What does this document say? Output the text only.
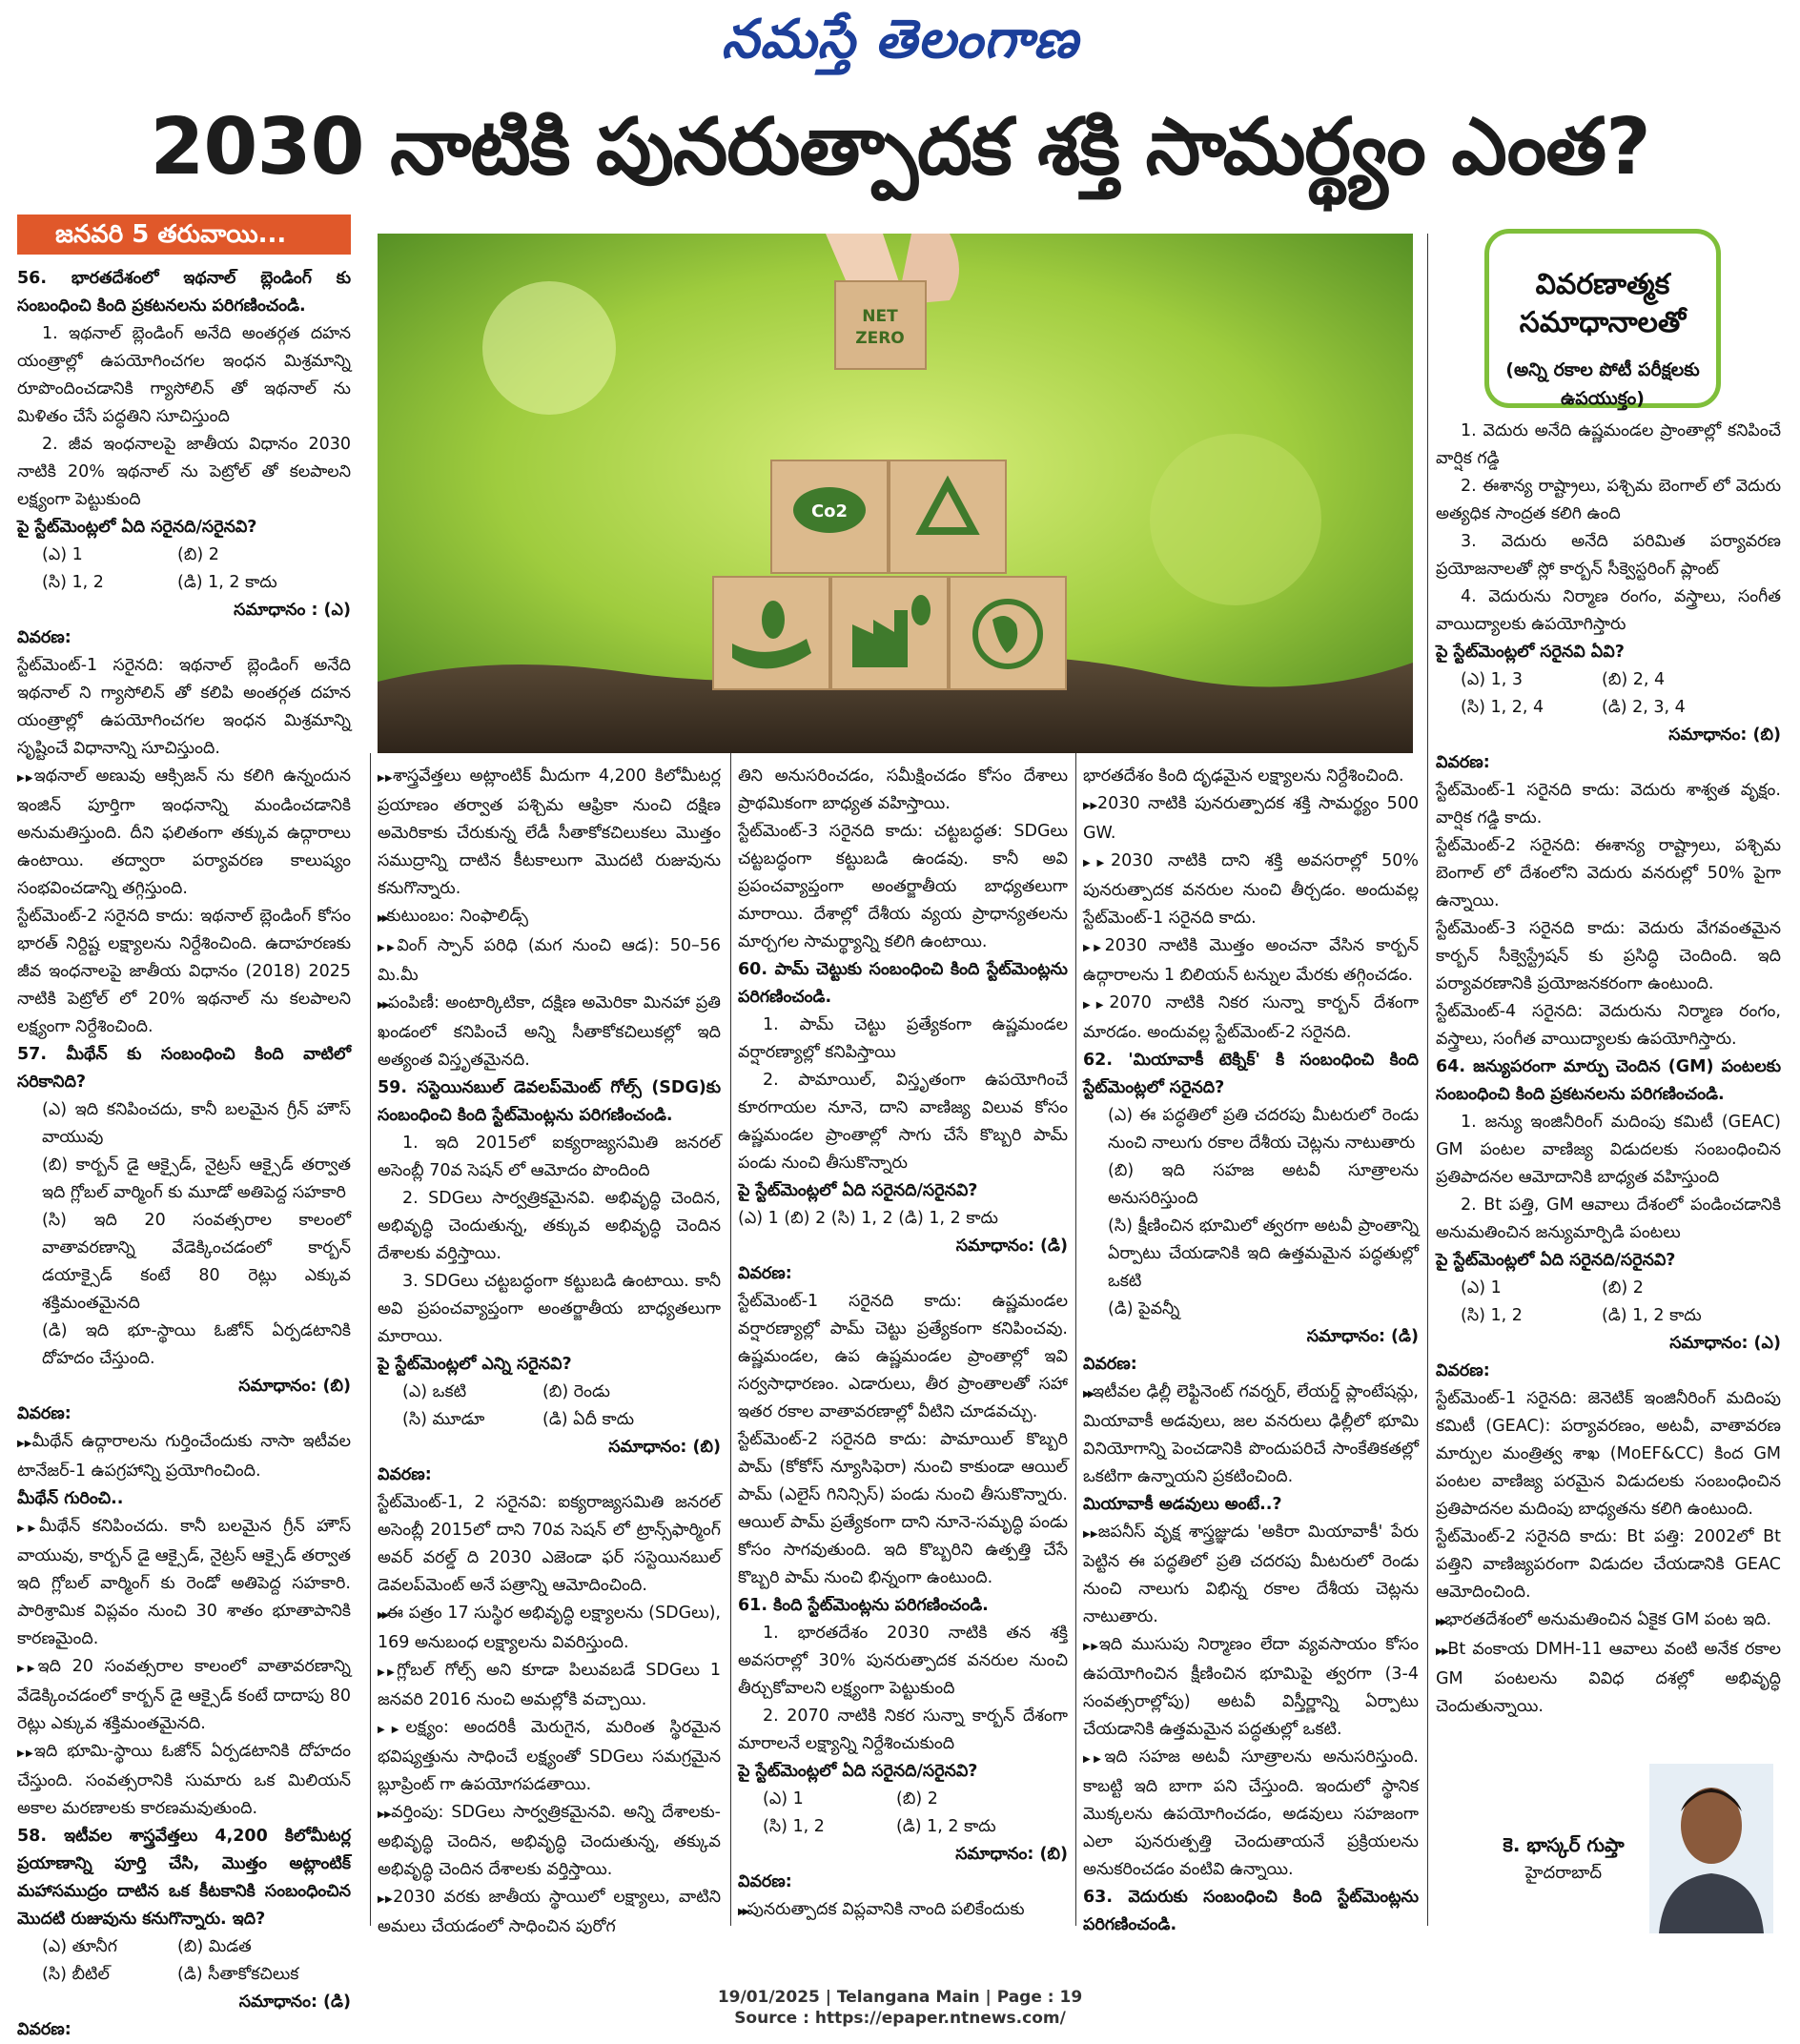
నమస్తే తెలంగాణ
2030 నాటికి పునరుత్పాదక శక్తి సామర్థ్యం ఎంత?
జనవరి 5 తరువాయి...
NET
ZERO
Co2
వివరణాత్మక సమాధానాలతో
(అన్ని రకాల పోటీ పరీక్షలకు ఉపయుక్తం)

56. భారతదేశంలో ఇథనాల్ బ్లెండింగ్ కు సంబంధించి కింది ప్రకటనలను పరిగణించండి.

1. ఇథనాల్ బ్లెండింగ్ అనేది అంతర్గత దహన యంత్రాల్లో ఉపయోగించగల ఇంధన మిశ్రమాన్ని రూపొందించడానికి గ్యాసోలిన్ తో ఇథనాల్ ను మిళితం చేసే పద్ధతిని సూచిస్తుంది

2. జీవ ఇంధనాలపై జాతీయ విధానం 2030 నాటికి 20% ఇథనాల్ ను పెట్రోల్ తో కలపాలని లక్ష్యంగా పెట్టుకుంది

పై స్టేట్‌మెంట్లలో ఏది సరైనది/సరైనవి?

(ఎ) 1	(బి) 2

(సి) 1, 2	(డి) 1, 2 కాదు

సమాధానం : (ఎ)

వివరణ:

స్టేట్‌మెంట్-1 సరైనది: ఇథనాల్ బ్లెండింగ్ అనేది ఇథనాల్ ని గ్యాసోలిన్ తో కలిపి అంతర్గత దహన యంత్రాల్లో ఉపయోగించగల ఇంధన మిశ్రమాన్ని సృష్టించే విధానాన్ని సూచిస్తుంది.

▶▶ ఇథనాల్ అణువు ఆక్సిజన్ ను కలిగి ఉన్నందున ఇంజిన్ పూర్తిగా ఇంధనాన్ని మండించడానికి అనుమతిస్తుంది. దీని ఫలితంగా తక్కువ ఉద్గారాలు ఉంటాయి. తద్వారా పర్యావరణ కాలుష్యం సంభవించడాన్ని తగ్గిస్తుంది.

స్టేట్‌మెంట్-2 సరైనది కాదు: ఇథనాల్ బ్లెండింగ్ కోసం భారత్ నిర్దిష్ట లక్ష్యాలను నిర్దేశించింది. ఉదాహరణకు జీవ ఇంధనాలపై జాతీయ విధానం (2018) 2025 నాటికి పెట్రోల్ లో 20% ఇథనాల్ ను కలపాలని లక్ష్యంగా నిర్దేశించింది.

57. మీథేన్ కు సంబంధించి కింది వాటిలో సరికానిది?

(ఎ) ఇది కనిపించదు, కానీ బలమైన గ్రీన్ హౌస్ వాయువు

(బి) కార్బన్ డై ఆక్సైడ్, నైట్రస్ ఆక్సైడ్ తర్వాత ఇది గ్లోబల్ వార్మింగ్ కు మూడో అతిపెద్ద సహకారి

(సి) ఇది 20 సంవత్సరాల కాలంలో వాతావరణాన్ని వేడెక్కించడంలో కార్బన్ డయాక్సైడ్ కంటే 80 రెట్లు ఎక్కువ శక్తిమంతమైనది

(డి) ఇది భూ-స్థాయి ఓజోన్ ఏర్పడటానికి దోహదం చేస్తుంది.

సమాధానం: (బి)

వివరణ:

▶▶ మీథేన్ ఉద్గారాలను గుర్తించేందుకు నాసా ఇటీవల టానేజర్-1 ఉపగ్రహాన్ని ప్రయోగించింది.

మీథేన్ గురించి..

▶▶ మీథేన్ కనిపించదు. కానీ బలమైన గ్రీన్ హౌస్ వాయువు, కార్బన్ డై ఆక్సైడ్, నైట్రస్ ఆక్సైడ్ తర్వాత ఇది గ్లోబల్ వార్మింగ్ కు రెండో అతిపెద్ద సహకారి. పారిశ్రామిక విప్లవం నుంచి 30 శాతం భూతాపానికి కారణమైంది.

▶▶ ఇది 20 సంవత్సరాల కాలంలో వాతావరణాన్ని వేడెక్కించడంలో కార్బన్ డై ఆక్సైడ్ కంటే దాదాపు 80 రెట్లు ఎక్కువ శక్తిమంతమైనది.

▶▶ ఇది భూమి-స్థాయి ఓజోన్ ఏర్పడటానికి దోహదం చేస్తుంది. సంవత్సరానికి సుమారు ఒక మిలియన్ అకాల మరణాలకు కారణమవుతుంది.

58. ఇటీవల శాస్త్రవేత్తలు 4,200 కిలోమీటర్ల ప్రయాణాన్ని పూర్తి చేసి, మొత్తం అట్లాంటిక్ మహాసముద్రం దాటిన ఒక కీటకానికి సంబంధించిన మొదటి రుజువును కనుగొన్నారు. ఇది?

(ఎ) తూనీగ	(బి) మిడత

(సి) బీటిల్	(డి) సీతాకోకచిలుక

సమాధానం: (డి)

వివరణ:

▶▶ శాస్త్రవేత్తలు అట్లాంటిక్ మీదుగా 4,200 కిలోమీటర్ల ప్రయాణం తర్వాత పశ్చిమ ఆఫ్రికా నుంచి దక్షిణ అమెరికాకు చేరుకున్న లేడీ సీతాకోకచిలుకలు మొత్తం సముద్రాన్ని దాటిన కీటకాలుగా మొదటి రుజువును కనుగొన్నారు.

▶▶ కుటుంబం: నింఫాలిడ్స్

▶▶ వింగ్ స్పాన్ పరిధి (మగ నుంచి ఆడ): 50–56 మి.మీ

▶▶ పంపిణీ: అంటార్కిటికా, దక్షిణ అమెరికా మినహా ప్రతి ఖండంలో కనిపించే అన్ని సీతాకోకచిలుకల్లో ఇది అత్యంత విస్తృతమైనది.

59. సస్టెయినబుల్ డెవలప్‌మెంట్ గోల్స్ (SDG)కు సంబంధించి కింది స్టేట్‌మెంట్లను పరిగణించండి.

1. ఇది 2015లో ఐక్యరాజ్యసమితి జనరల్ అసెంబ్లీ 70వ సెషన్ లో ఆమోదం పొందింది

2. SDGలు సార్వత్రికమైనవి. అభివృద్ధి చెందిన, అభివృద్ధి చెందుతున్న, తక్కువ అభివృద్ధి చెందిన దేశాలకు వర్తిస్తాయి.

3. SDGలు చట్టబద్ధంగా కట్టుబడి ఉంటాయి. కానీ అవి ప్రపంచవ్యాప్తంగా అంతర్జాతీయ బాధ్యతలుగా మారాయి.

పై స్టేట్‌మెంట్లలో ఎన్ని సరైనవి?

(ఎ) ఒకటి	(బి) రెండు

(సి) మూడూ	(డి) ఏదీ కాదు

సమాధానం: (బి)

వివరణ:

స్టేట్‌మెంట్-1, 2 సరైనవి: ఐక్యరాజ్యసమితి జనరల్ అసెంబ్లీ 2015లో దాని 70వ సెషన్ లో ట్రాన్స్‌ఫార్మింగ్ అవర్ వరల్డ్ ది 2030 ఎజెండా ఫర్ సస్టెయినబుల్ డెవలప్‌మెంట్ అనే పత్రాన్ని ఆమోదించింది.

▶▶ ఈ పత్రం 17 సుస్థిర అభివృద్ధి లక్ష్యాలను (SDGలు), 169 అనుబంధ లక్ష్యాలను వివరిస్తుంది.

▶▶ గ్లోబల్ గోల్స్ అని కూడా పిలువబడే SDGలు 1 జనవరి 2016 నుంచి అమల్లోకి వచ్చాయి.

▶▶ లక్ష్యం: అందరికీ మెరుగైన, మరింత స్థిరమైన భవిష్యత్తును సాధించే లక్ష్యంతో SDGలు సమగ్రమైన బ్లూప్రింట్ గా ఉపయోగపడతాయి.

▶▶ వర్తింపు: SDGలు సార్వత్రికమైనవి. అన్ని దేశాలకు-అభివృద్ధి చెందిన, అభివృద్ధి చెందుతున్న, తక్కువ అభివృద్ధి చెందిన దేశాలకు వర్తిస్తాయి.

▶▶ 2030 వరకు జాతీయ స్థాయిలో లక్ష్యాలు, వాటిని అమలు చేయడంలో సాధించిన పురోగ

తిని అనుసరించడం, సమీక్షించడం కోసం దేశాలు ప్రాథమికంగా బాధ్యత వహిస్తాయి.

స్టేట్‌మెంట్-3 సరైనది కాదు: చట్టబద్ధత: SDGలు చట్టబద్ధంగా కట్టుబడి ఉండవు. కానీ అవి ప్రపంచవ్యాప్తంగా అంతర్జాతీయ బాధ్యతలుగా మారాయి. దేశాల్లో దేశీయ వ్యయ ప్రాధాన్యతలను మార్చగల సామర్థ్యాన్ని కలిగి ఉంటాయి.

60. పామ్ చెట్టుకు సంబంధించి కింది స్టేట్‌మెంట్లను పరిగణించండి.

1. పామ్ చెట్టు ప్రత్యేకంగా ఉష్ణమండల వర్షారణ్యాల్లో కనిపిస్తాయి

2. పామాయిల్, విస్తృతంగా ఉపయోగించే కూరగాయల నూనె, దాని వాణిజ్య విలువ కోసం ఉష్ణమండల ప్రాంతాల్లో సాగు చేసే కొబ్బరి పామ్ పండు నుంచి తీసుకొన్నారు

పై స్టేట్‌మెంట్లలో ఏది సరైనది/సరైనవి?

(ఎ) 1 (బి) 2 (సి) 1, 2 (డి) 1, 2 కాదు

సమాధానం: (డి)

వివరణ:

స్టేట్‌మెంట్-1 సరైనది కాదు: ఉష్ణమండల వర్షారణ్యాల్లో పామ్ చెట్టు ప్రత్యేకంగా కనిపించవు. ఉష్ణమండల, ఉప ఉష్ణమండల ప్రాంతాల్లో ఇవి సర్వసాధారణం. ఎడారులు, తీర ప్రాంతాలతో సహా ఇతర రకాల వాతావరణాల్లో వీటిని చూడవచ్చు.

స్టేట్‌మెంట్-2 సరైనది కాదు: పామాయిల్ కొబ్బరి పామ్ (కోకోస్ న్యూసిఫెరా) నుంచి కాకుండా ఆయిల్ పామ్ (ఎలైస్ గినిన్సిస్) పండు నుంచి తీసుకొన్నారు. ఆయిల్ పామ్ ప్రత్యేకంగా దాని నూనె-సమృద్ధి పండు కోసం సాగవుతుంది. ఇది కొబ్బరిని ఉత్పత్తి చేసే కొబ్బరి పామ్ నుంచి భిన్నంగా ఉంటుంది.

61. కింది స్టేట్‌మెంట్లను పరిగణించండి.

1. భారతదేశం 2030 నాటికి తన శక్తి అవసరాల్లో 30% పునరుత్పాదక వనరుల నుంచి తీర్చుకోవాలని లక్ష్యంగా పెట్టుకుంది

2. 2070 నాటికి నికర సున్నా కార్బన్ దేశంగా మారాలనే లక్ష్యాన్ని నిర్దేశించుకుంది

పై స్టేట్‌మెంట్లలో ఏది సరైనది/సరైనవి?

(ఎ) 1	(బి) 2

(సి) 1, 2	(డి) 1, 2 కాదు

సమాధానం: (బి)

వివరణ:

▶▶ పునరుత్పాదక విప్లవానికి నాంది పలికేందుకు

భారతదేశం కింది దృఢమైన లక్ష్యాలను నిర్దేశించింది.

▶▶ 2030 నాటికి పునరుత్పాదక శక్తి సామర్థ్యం 500 GW.

▶▶ 2030 నాటికి దాని శక్తి అవసరాల్లో 50% పునరుత్పాదక వనరుల నుంచి తీర్చడం. అందువల్ల స్టేట్‌మెంట్-1 సరైనది కాదు.

▶▶ 2030 నాటికి మొత్తం అంచనా వేసిన కార్బన్ ఉద్గారాలను 1 బిలియన్ టన్నుల మేరకు తగ్గించడం.

▶▶ 2070 నాటికి నికర సున్నా కార్బన్ దేశంగా మారడం. అందువల్ల స్టేట్‌మెంట్-2 సరైనది.

62. 'మియావాకీ టెక్నిక్' కి సంబంధించి కింది స్టేట్‌మెంట్లలో సరైనది?

(ఎ) ఈ పద్ధతిలో ప్రతి చదరపు మీటరులో రెండు నుంచి నాలుగు రకాల దేశీయ చెట్లను నాటుతారు

(బి) ఇది సహజ అటవీ సూత్రాలను అనుసరిస్తుంది

(సి) క్షీణించిన భూమిలో త్వరగా అటవీ ప్రాంతాన్ని ఏర్పాటు చేయడానికి ఇది ఉత్తమమైన పద్ధతుల్లో ఒకటి

(డి) పైవన్నీ

సమాధానం: (డి)

వివరణ:

▶▶ ఇటీవల ఢిల్లీ లెఫ్టినెంట్ గవర్నర్, లేయర్డ్ ప్లాంటేషన్లు, మియావాకీ అడవులు, జల వనరులు ఢిల్లీలో భూమి వినియోగాన్ని పెంచడానికి పొందుపరిచే సాంకేతికతల్లో ఒకటిగా ఉన్నాయని ప్రకటించింది.

మియావాకీ అడవులు అంటే..?

▶▶ జపనీస్ వృక్ష శాస్త్రజ్ఞుడు 'అకిరా మియావాకీ' పేరు పెట్టిన ఈ పద్ధతిలో ప్రతి చదరపు మీటరులో రెండు నుంచి నాలుగు విభిన్న రకాల దేశీయ చెట్లను నాటుతారు.

▶▶ ఇది ముసుపు నిర్మాణం లేదా వ్యవసాయం కోసం ఉపయోగించిన క్షీణించిన భూమిపై త్వరగా (3-4 సంవత్సరాల్లోపు) అటవీ విస్తీర్ణాన్ని ఏర్పాటు చేయడానికి ఉత్తమమైన పద్ధతుల్లో ఒకటి.

▶▶ ఇది సహజ అటవీ సూత్రాలను అనుసరిస్తుంది. కాబట్టి ఇది బాగా పని చేస్తుంది. ఇందులో స్థానిక మొక్కలను ఉపయోగించడం, అడవులు సహజంగా ఎలా పునరుత్పత్తి చెందుతాయనే ప్రక్రియలను అనుకరించడం వంటివి ఉన్నాయి.

63. వెదురుకు సంబంధించి కింది స్టేట్‌మెంట్లను పరిగణించండి.

1. వెదురు అనేది ఉష్ణమండల ప్రాంతాల్లో కనిపించే వార్షిక గడ్డి

2. ఈశాన్య రాష్ట్రాలు, పశ్చిమ బెంగాల్ లో వెదురు అత్యధిక సాంద్రత కలిగి ఉంది

3. వెదురు అనేది పరిమిత పర్యావరణ ప్రయోజనాలతో స్లో కార్బన్ సీక్వెస్టరింగ్ ప్లాంట్

4. వెదురును నిర్మాణ రంగం, వస్త్రాలు, సంగీత వాయిద్యాలకు ఉపయోగిస్తారు

పై స్టేట్‌మెంట్లలో సరైనవి ఏవి?

(ఎ) 1, 3	(బి) 2, 4

(సి) 1, 2, 4	(డి) 2, 3, 4

సమాధానం: (బి)

వివరణ:

స్టేట్‌మెంట్-1 సరైనది కాదు: వెదురు శాశ్వత వృక్షం. వార్షిక గడ్డి కాదు.

స్టేట్‌మెంట్-2 సరైనది: ఈశాన్య రాష్ట్రాలు, పశ్చిమ బెంగాల్ లో దేశంలోని వెదురు వనరుల్లో 50% పైగా ఉన్నాయి.

స్టేట్‌మెంట్-3 సరైనది కాదు: వెదురు వేగవంతమైన కార్బన్ సీక్వెస్ట్రేషన్ కు ప్రసిద్ధి చెందింది. ఇది పర్యావరణానికి ప్రయోజనకరంగా ఉంటుంది.

స్టేట్‌మెంట్-4 సరైనది: వెదురును నిర్మాణ రంగం, వస్త్రాలు, సంగీత వాయిద్యాలకు ఉపయోగిస్తారు.

64. జన్యుపరంగా మార్పు చెందిన (GM) పంటలకు సంబంధించి కింది ప్రకటనలను పరిగణించండి.

1. జన్యు ఇంజినీరింగ్ మదింపు కమిటీ (GEAC) GM పంటల వాణిజ్య విడుదలకు సంబంధించిన ప్రతిపాదనల ఆమోదానికి బాధ్యత వహిస్తుంది

2. Bt పత్తి, GM ఆవాలు దేశంలో పండించడానికి అనుమతించిన జన్యుమార్పిడి పంటలు

పై స్టేట్‌మెంట్లలో ఏది సరైనది/సరైనవి?

(ఎ) 1	(బి) 2

(సి) 1, 2	(డి) 1, 2 కాదు

సమాధానం: (ఎ)

వివరణ:

స్టేట్‌మెంట్-1 సరైనది: జెనెటిక్ ఇంజినీరింగ్ మదింపు కమిటీ (GEAC): పర్యావరణం, అటవీ, వాతావరణ మార్పుల మంత్రిత్వ శాఖ (MoEF&CC) కింద GM పంటల వాణిజ్య పరమైన విడుదలకు సంబంధించిన ప్రతిపాదనల మదింపు బాధ్యతను కలిగి ఉంటుంది.

స్టేట్‌మెంట్-2 సరైనది కాదు: Bt పత్తి: 2002లో Bt పత్తిని వాణిజ్యపరంగా విడుదల చేయడానికి GEAC ఆమోదించింది.

▶▶ భారతదేశంలో అనుమతించిన ఏకైక GM పంట ఇది.

▶▶ Bt వంకాయ DMH-11 ఆవాలు వంటి అనేక రకాల GM పంటలను వివిధ దశల్లో అభివృద్ధి చెందుతున్నాయి.

కె. భాస్కర్ గుప్తా
హైదరాబాద్
19/01/2025 | Telangana Main | Page : 19
Source : https://epaper.ntnews.com/
